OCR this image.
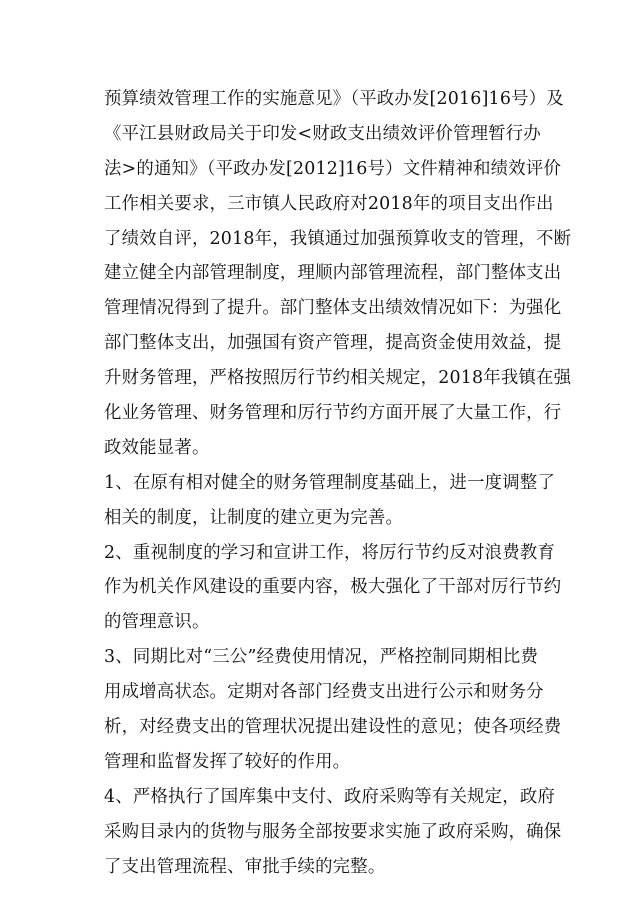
预算绩效管理工作的实施意见》（平政办发[2016]16号）及
《平江县财政局关于印发<财政支出绩效评价管理暂行办
法>的通知》（平政办发[2012]16号）文件精神和绩效评价
工作相关要求，三市镇人民政府对2018年的项目支出作出
了绩效自评，2018年，我镇通过加强预算收支的管理，不断
建立健全内部管理制度，理顺内部管理流程，部门整体支出
管理情况得到了提升。部门整体支出绩效情况如下：为强化
部门整体支出，加强国有资产管理，提高资金使用效益，提
升财务管理，严格按照厉行节约相关规定，2018年我镇在强
化业务管理、财务管理和厉行节约方面开展了大量工作，行
政效能显著。
1、在原有相对健全的财务管理制度基础上，进一度调整了
相关的制度，让制度的建立更为完善。
2、重视制度的学习和宣讲工作，将厉行节约反对浪费教育
作为机关作风建设的重要内容，极大强化了干部对厉行节约
的管理意识。
3、同期比对“三公”经费使用情况，严格控制同期相比费
用成增高状态。定期对各部门经费支出进行公示和财务分
析，对经费支出的管理状况提出建设性的意见；使各项经费
管理和监督发挥了较好的作用。
4、严格执行了国库集中支付、政府采购等有关规定，政府
采购目录内的货物与服务全部按要求实施了政府采购，确保
了支出管理流程、审批手续的完整。
